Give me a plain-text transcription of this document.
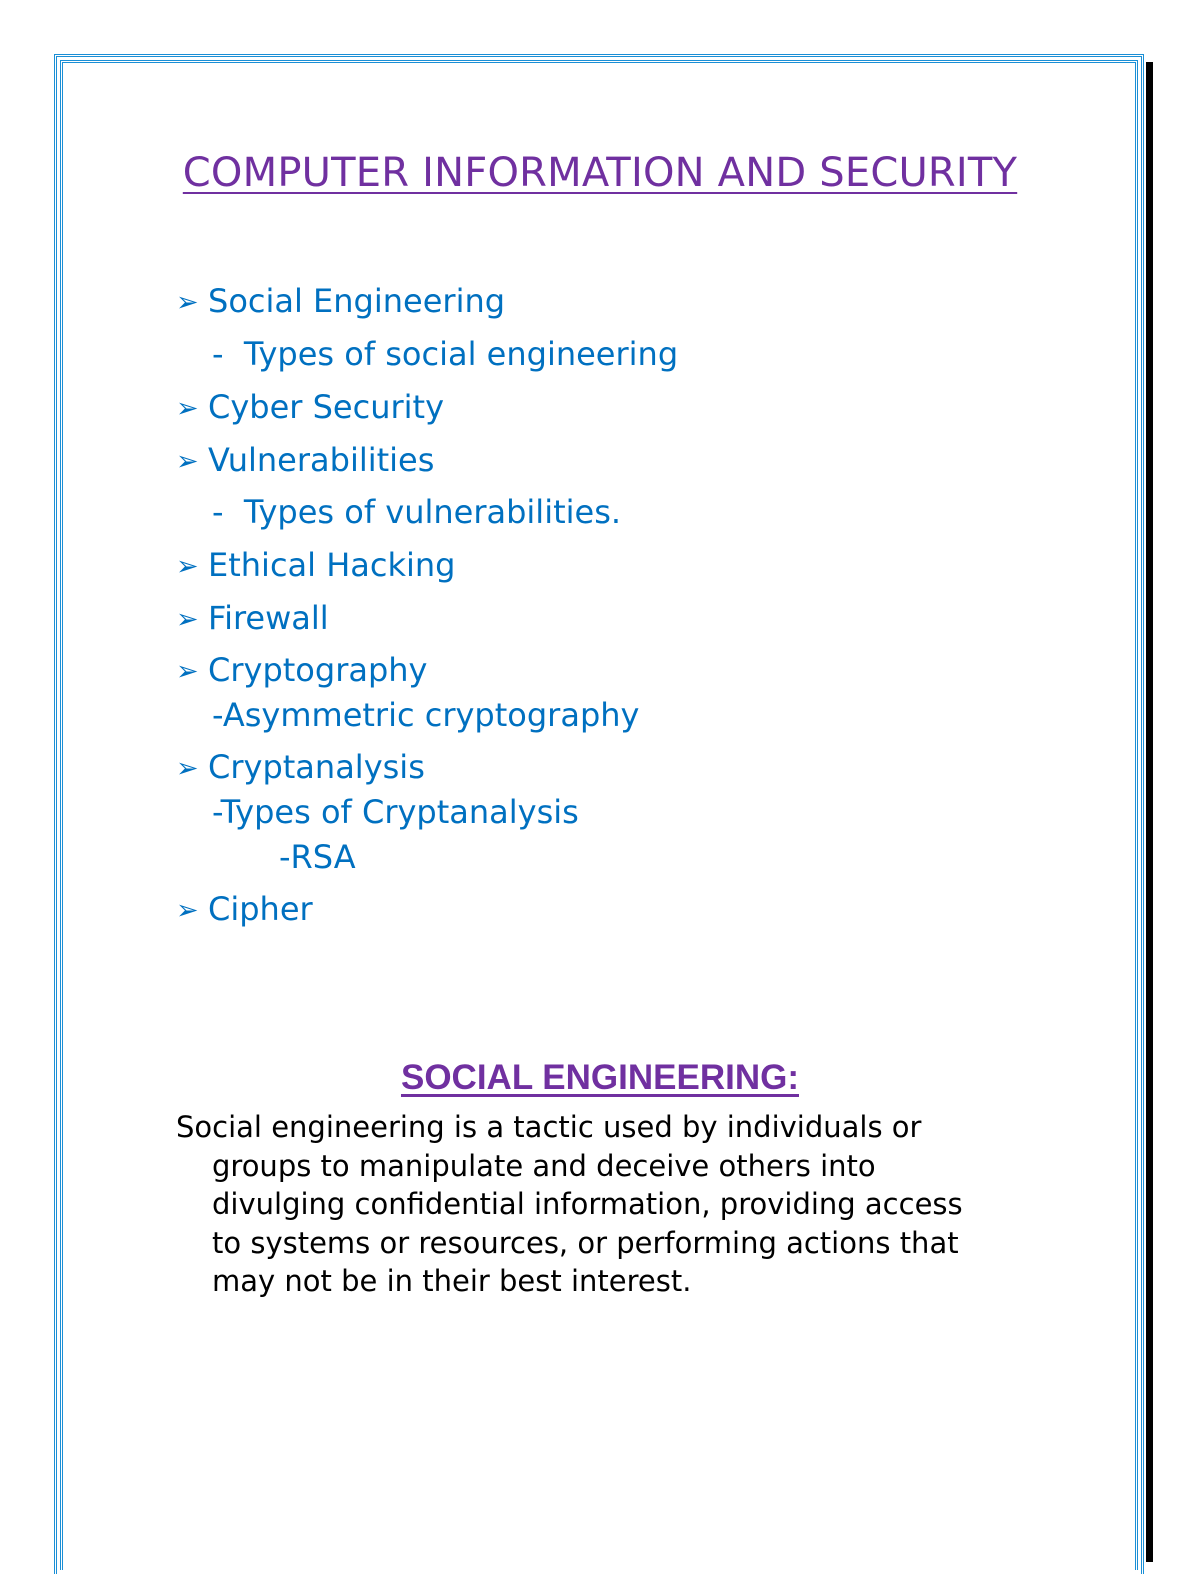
COMPUTER INFORMATION AND SECURITY
➢ Social Engineering
-  Types of social engineering
➢ Cyber Security
➢ Vulnerabilities
-  Types of vulnerabilities.
➢ Ethical Hacking
➢ Firewall
➢ Cryptography
-Asymmetric cryptography
➢ Cryptanalysis
-Types of Cryptanalysis
-RSA
➢ Cipher
SOCIAL ENGINEERING:
Social engineering is a tactic used by individuals or
groups to manipulate and deceive others into
divulging confidential information, providing access
to systems or resources, or performing actions that
may not be in their best interest.
